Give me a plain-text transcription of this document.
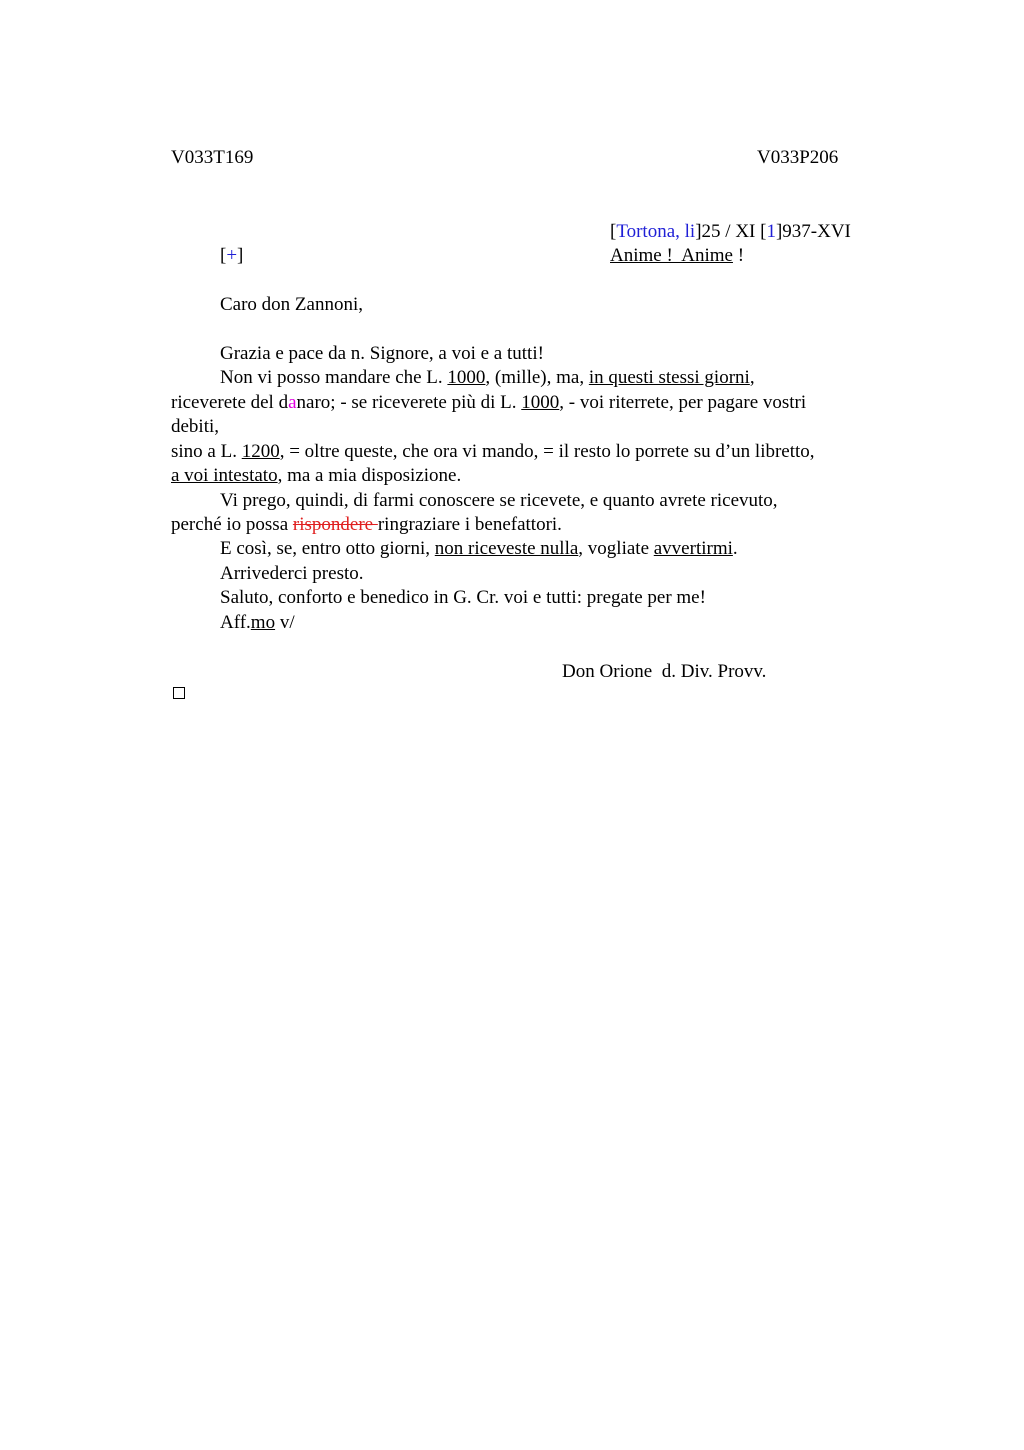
V033T169	V033P206
[Tortona, li]25 / XI [1]937-XVI
[+]	Anime !  Anime !
Caro don Zannoni,
Grazia e pace da n. Signore, a voi e a tutti!
Non vi posso mandare che L. 1000, (mille), ma, in questi stessi giorni,
riceverete del danaro; - se riceverete più di L. 1000, - voi riterrete, per pagare vostri
debiti,
sino a L. 1200, = oltre queste, che ora vi mando, = il resto lo porrete su d’un libretto,
a voi intestato, ma a mia disposizione.
Vi prego, quindi, di farmi conoscere se ricevete, e quanto avrete ricevuto,
perché io possa rispondere ringraziare i benefattori.
E così, se, entro otto giorni, non riceveste nulla, vogliate avvertirmi.
Arrivederci presto.
Saluto, conforto e benedico in G. Cr. voi e tutti: pregate per me!
Aff.mo v/
Don Orione  d. Div. Provv.
